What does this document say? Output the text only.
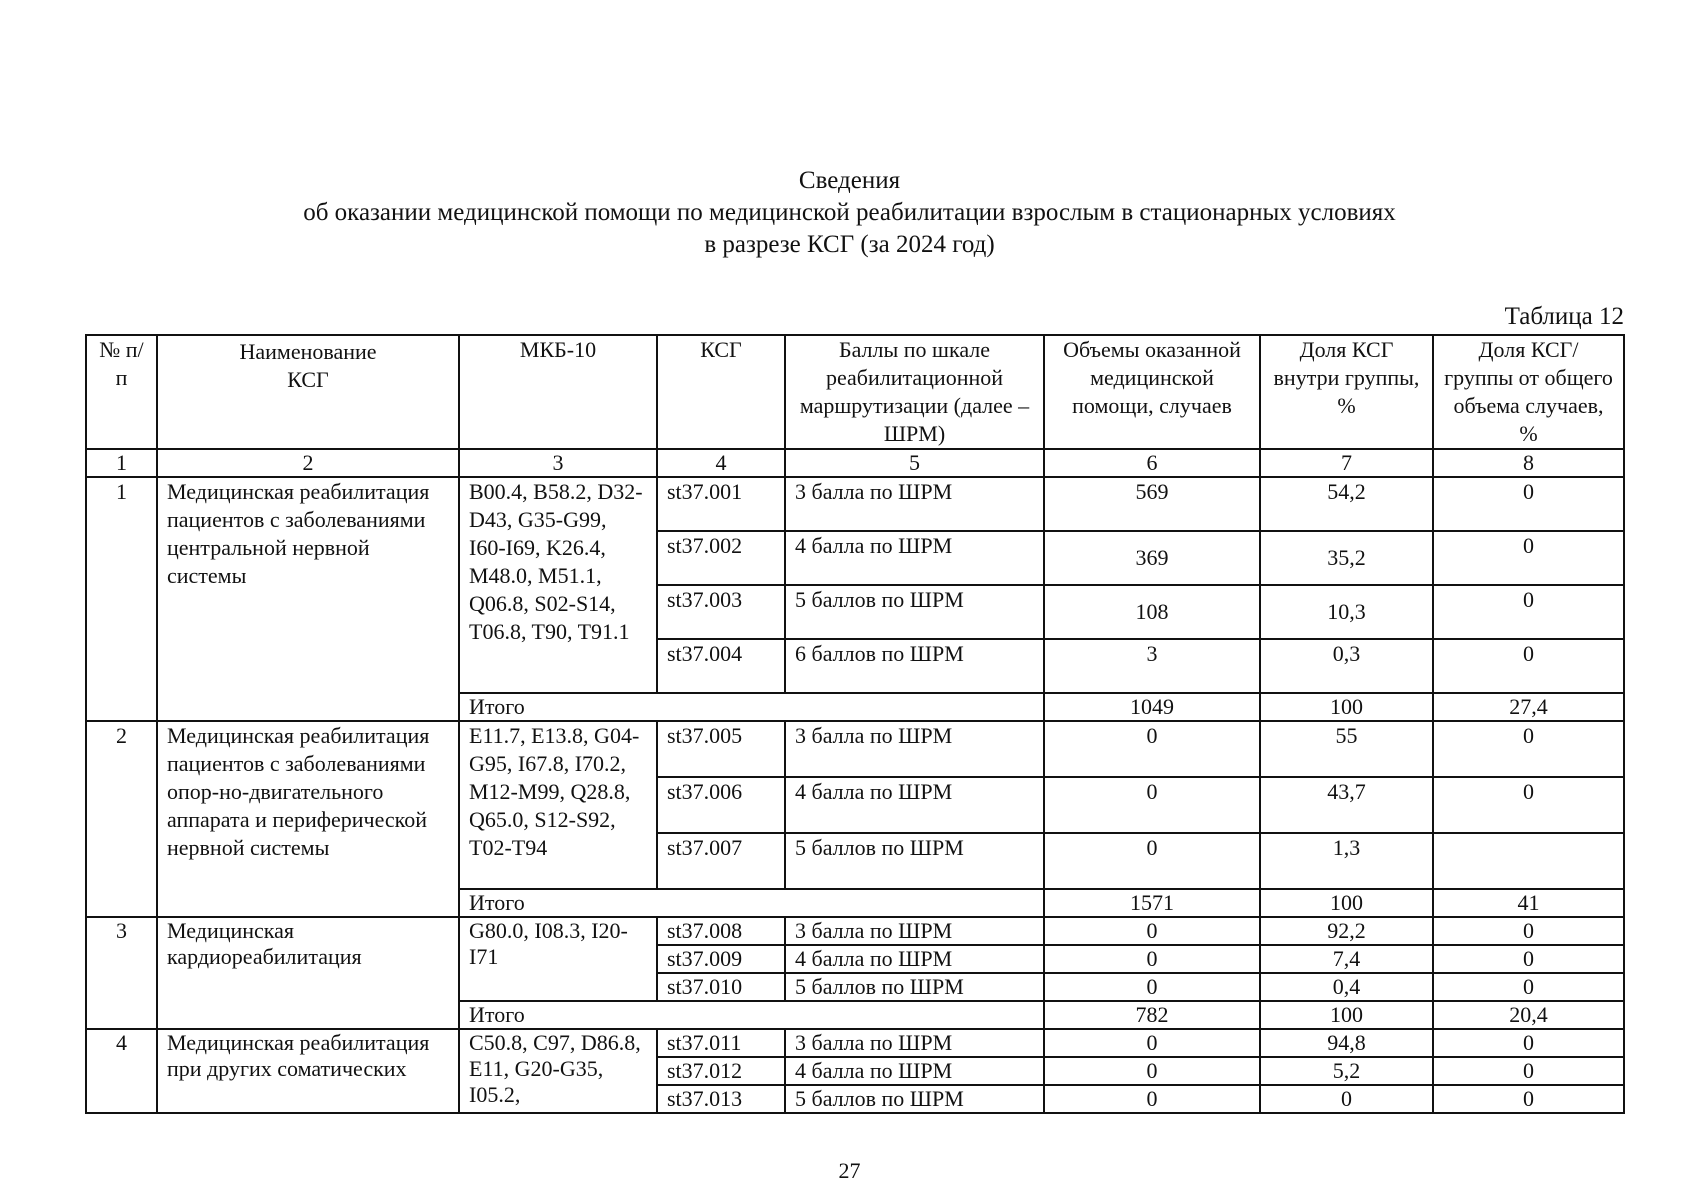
Сведения
об оказании медицинской помощи по медицинской реабилитации взрослым в стационарных условиях
в разрезе КСГ (за 2024 год)
Таблица 12
№ п/п	Наименование КСГ	МКБ-10	КСГ	Баллы по шкале реабилитационной маршрутизации (далее – ШРМ)	Объемы оказанной медицинской помощи, случаев	Доля КСГ внутри группы, %	Доля КСГ/ группы от общего объема случаев, %
1	2	3	4	5	6	7	8
1	Медицинская реабилитация пациентов с заболеваниями центральной нервной системы	B00.4, B58.2, D32-D43, G35-G99, I60-I69, K26.4, M48.0, M51.1, Q06.8, S02-S14, T06.8, T90, T91.1	st37.001	3 балла по ШРМ	569	54,2	0
			st37.002	4 балла по ШРМ	369	35,2	0
			st37.003	5 баллов по ШРМ	108	10,3	0
			st37.004	6 баллов по ШРМ	3	0,3	0
		Итого			1049	100	27,4
2	Медицинская реабилитация пациентов с заболеваниями опор-но-двигательного аппарата и периферической нервной системы	E11.7, E13.8, G04-G95, I67.8, I70.2, M12-M99, Q28.8, Q65.0, S12-S92, T02-T94	st37.005	3 балла по ШРМ	0	55	0
			st37.006	4 балла по ШРМ	0	43,7	0
			st37.007	5 баллов по ШРМ	0	1,3	
		Итого			1571	100	41
3	Медицинская кардиореабилитация	G80.0, I08.3, I20-I71	st37.008	3 балла по ШРМ	0	92,2	0
			st37.009	4 балла по ШРМ	0	7,4	0
			st37.010	5 баллов по ШРМ	0	0,4	0
		Итого			782	100	20,4
4	Медицинская реабилитация при других соматических	C50.8, C97, D86.8, E11, G20-G35, I05.2,	st37.011	3 балла по ШРМ	0	94,8	0
			st37.012	4 балла по ШРМ	0	5,2	0
			st37.013	5 баллов по ШРМ	0	0	0
27
